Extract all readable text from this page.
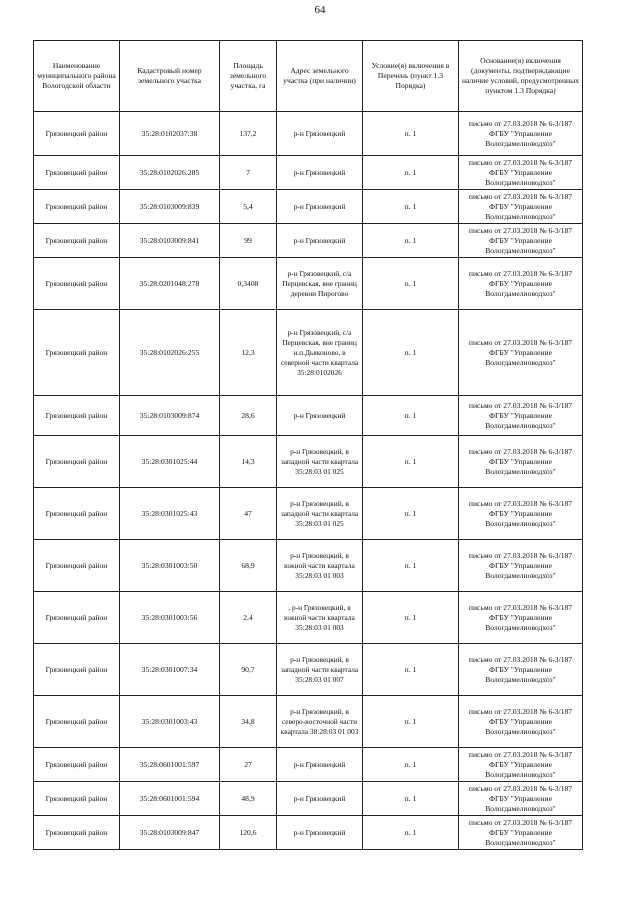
64
Наименование муниципального района Вологодской области	Кадастровый номер земельного участка	Площадь земельного участка, га	Адрес земельного участка (при наличии)	Условие(я) включения в Перечень (пункт 1.3 Порядка)	Основание(я) включения (документы, подтверждающие наличие условий, предусмотренных пунктом 1.3 Порядка)
Грязовецкий район	35:28:0102037:38	137,2	р-н Грязовецкий	п. 1	письмо от 27.03.2018 № 6-3/187 ФГБУ "Управление Вологдамелиоводхоз"
Грязовецкий район	35:28:0102026:285	7	р-н Грязовецкий	п. 1	письмо от 27.03.2018 № 6-3/187 ФГБУ "Управление Вологдамелиоводхоз"
Грязовецкий район	35:28:0103009:839	5,4	р-н Грязовецкий	п. 1	письмо от 27.03.2018 № 6-3/187 ФГБУ "Управление Вологдамелиоводхоз"
Грязовецкий район	35:28:0103009:841	99	р-н Грязовецкий	п. 1	письмо от 27.03.2018 № 6-3/187 ФГБУ "Управление Вологдамелиоводхоз"
Грязовецкий район	35:28:0201048:278	0,3408	р-н Грязовецкий, с/а Перцевская, вне границ деревни Пирогово	п. 1	письмо от 27.03.2018 № 6-3/187 ФГБУ "Управление Вологдамелиоводхоз"
Грязовецкий район	35:28:0102026:255	12,3	р-н Грязовецкий, с/а Перцевская, вне границ н.п.Дьяконово, в северной части квартала 35:28:0102026	п. 1	письмо от 27.03.2018 № 6-3/187 ФГБУ "Управление Вологдамелиоводхоз"
Грязовецкий район	35:28:0103009:874	28,6	р-н Грязовецкий	п. 1	письмо от 27.03.2018 № 6-3/187 ФГБУ "Управление Вологдамелиоводхоз"
Грязовецкий район	35:28:0301025:44	14,3	р-н Грязовецкий, в западной части квартала 35:28:03 01 025	п. 1	письмо от 27.03.2018 № 6-3/187 ФГБУ "Управление Вологдамелиоводхоз"
Грязовецкий район	35:28:0301025:43	47	р-н Грязовецкий, в западной части квартала 35:28:03 01 025	п. 1	письмо от 27.03.2018 № 6-3/187 ФГБУ "Управление Вологдамелиоводхоз"
Грязовецкий район	35:28:0301003:50	68,9	р-н Грязовецкий, в южной части квартала 35:28:03 01 003	п. 1	письмо от 27.03.2018 № 6-3/187 ФГБУ "Управление Вологдамелиоводхоз"
Грязовецкий район	35:28:0301003:56	2,4	, р-н Грязовецкий, в южной части квартала 35:28:03 01 003	п. 1	письмо от 27.03.2018 № 6-3/187 ФГБУ "Управление Вологдамелиоводхоз"
Грязовецкий район	35:28:0301007:34	90,7	р-н Грязовецкий, в западной части квартала 35:28:03 01 007	п. 1	письмо от 27.03.2018 № 6-3/187 ФГБУ "Управление Вологдамелиоводхоз"
Грязовецкий район	35:28:0301003:43	34,8	р-н Грязовецкий, в северо-восточной части квартала 38:28:03 01 003	п. 1	письмо от 27.03.2018 № 6-3/187 ФГБУ "Управление Вологдамелиоводхоз"
Грязовецкий район	35:28:0601001:597	27	р-н Грязовецкий	п. 1	письмо от 27.03.2018 № 6-3/187 ФГБУ "Управление Вологдамелиоводхоз"
Грязовецкий район	35:28:0601001:594	48,9	р-н Грязовецкий	п. 1	письмо от 27.03.2018 № 6-3/187 ФГБУ "Управление Вологдамелиоводхоз"
Грязовецкий район	35:28:0103009:847	120,6	р-н Грязовецкий	п. 1	письмо от 27.03.2018 № 6-3/187 ФГБУ "Управление Вологдамелиоводхоз"
